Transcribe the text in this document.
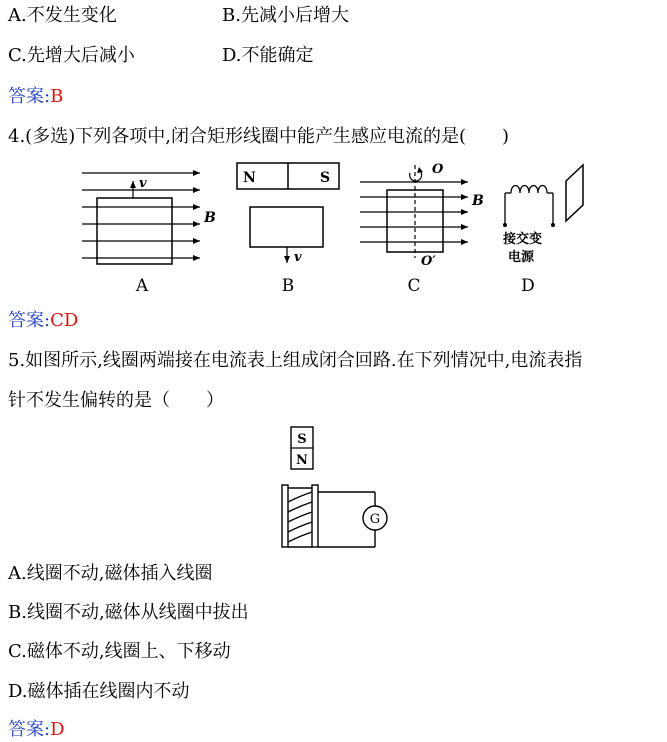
A.不发生变化	B.先减小后增大
C.先增大后减小	D.不能确定
答案:B
4.(多选)下列各项中,闭合矩形线圈中能产生感应电流的是(　　)
v
B
N	S
v
O
B
O′
接交变
电源
A	B	C	D
答案:CD
5.如图所示,线圈两端接在电流表上组成闭合回路.在下列情况中,电流表指
针不发生偏转的是（　　）
S
N
G
A.线圈不动,磁体插入线圈
B.线圈不动,磁体从线圈中拔出
C.磁体不动,线圈上、下移动
D.磁体插在线圈内不动
答案:D
